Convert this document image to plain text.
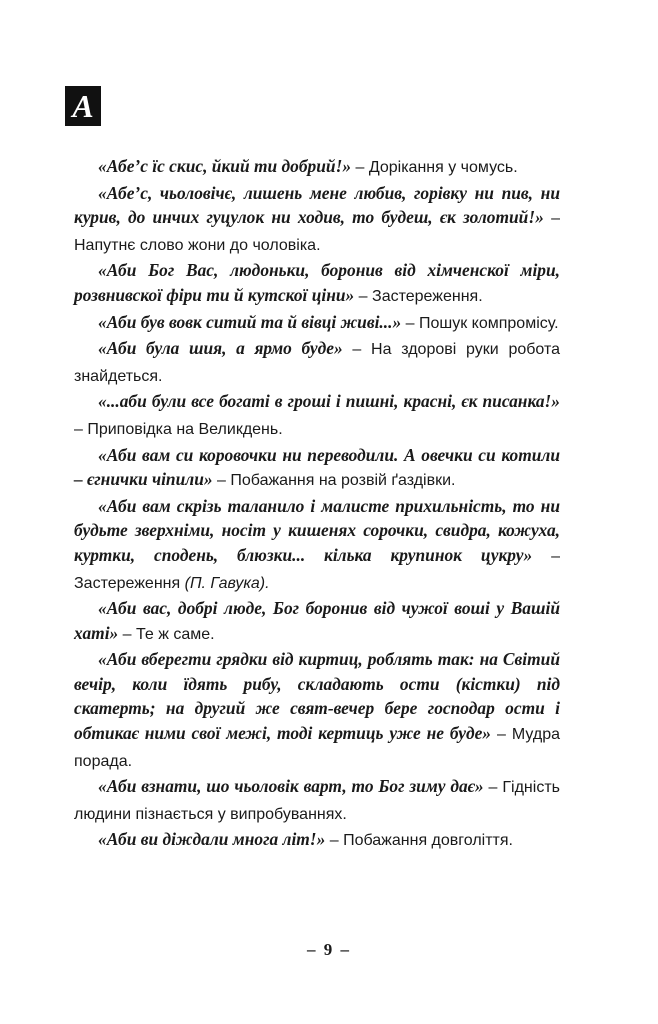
А

«Абе’с їс скис, йкий ти добрий!» – Дорікання у чомусь.

«Абе’с, чьоловічє, лишень мене любив, горівку ни пив, ни курив, до инчих гуцулок ни ходив, то будеш, єк золотий!» – Напутнє слово жони до чоловіка.

«Аби Бог Вас, людоньки, боронив від хімченскої міри, розвнивскої фіри ти й кутскої ціни» – Застереження.

«Аби був вовк ситий та й вівці живі...» – Пошук компромісу.

«Аби була шия, а ярмо буде» – На здорові руки робота знайдеться.

«...аби були все богаті в гроші і пишні, красні, єк писанка!» – Приповідка на Великдень.

«Аби вам си коровочки ни переводили. А овечки си котили – єгнички чіпили» – Побажання на розвій ґаздівки.

«Аби вам скрізь таланило і малисте прихильність, то ни будьте зверхніми, носіт у кишенях сорочки, свидра, кожуха, куртки, сподень, блюзки... кілька крупинок цукру» – Застереження (П. Гавука).

«Аби вас, добрі люде, Бог боронив від чужої воші у Вашій хаті» – Те ж саме.

«Аби вберегти грядки від киртиц, роблять так: на Світий вечір, коли їдять рибу, складають ости (кістки) під скатерть; на другий же свят-вечер бере господар ости і обтикає ними свої межі, тоді кертиць уже не буде» – Мудра порада.

«Аби взнати, шо чьоловік варт, то Бог зиму дає» – Гідність людини пізнається у випробуваннях.

«Аби ви діждали многа літ!» – Побажання довголіття.

– 9 –
